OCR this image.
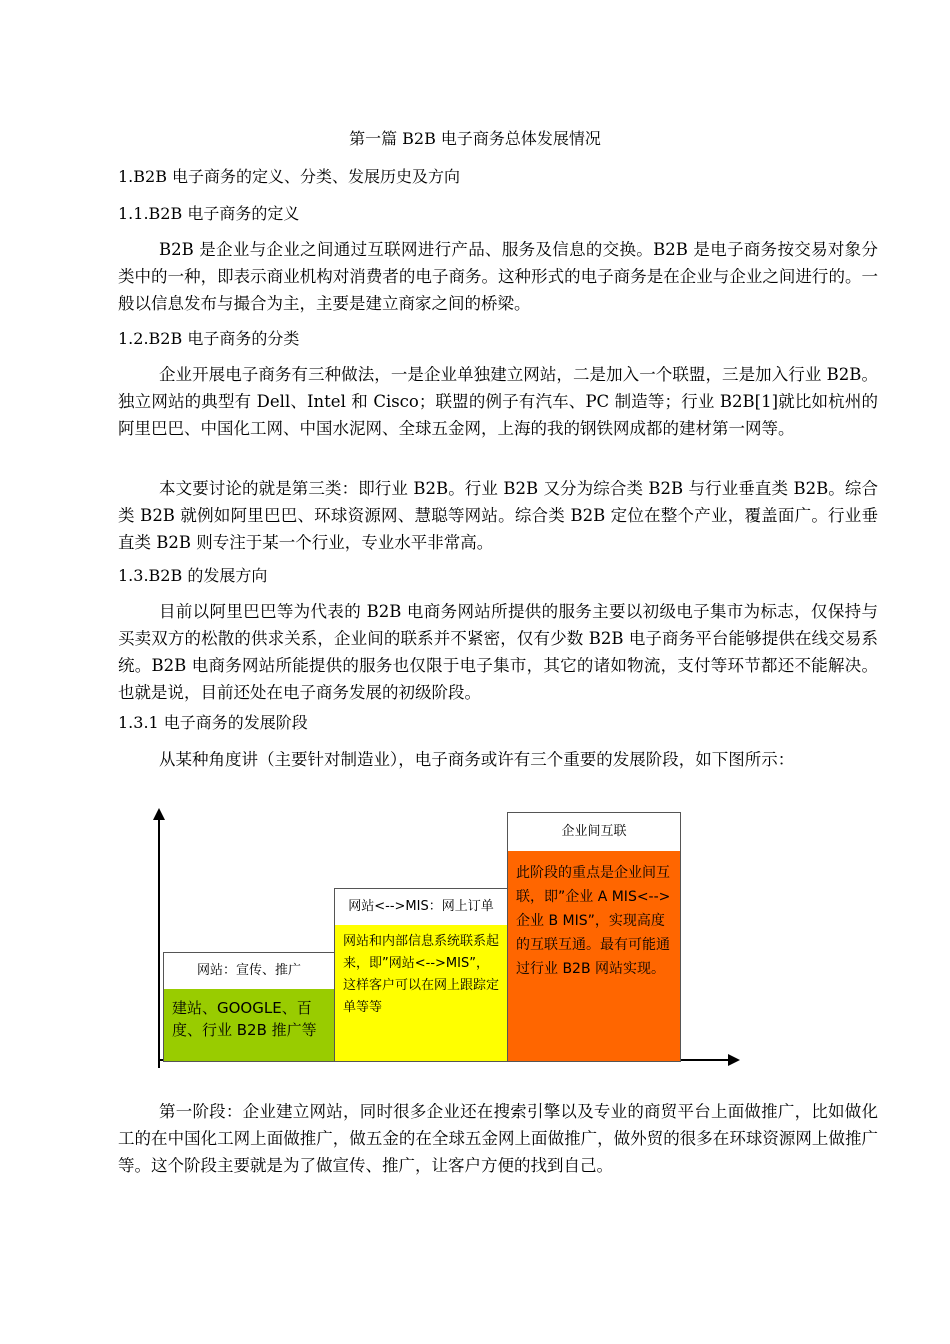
第一篇 B2B 电子商务总体发展情况
1.B2B 电子商务的定义、分类、发展历史及方向
1.1.B2B 电子商务的定义
B2B 是企业与企业之间通过互联网进行产品、服务及信息的交换。B2B 是电子商务按交易对象分类中的一种，即表示商业机构对消费者的电子商务。这种形式的电子商务是在企业与企业之间进行的。一般以信息发布与撮合为主，主要是建立商家之间的桥梁。
1.2.B2B 电子商务的分类
企业开展电子商务有三种做法，一是企业单独建立网站，二是加入一个联盟，三是加入行业 B2B。独立网站的典型有 Dell、Intel 和 Cisco；联盟的例子有汽车、PC 制造等；行业 B2B[1]就比如杭州的阿里巴巴、中国化工网、中国水泥网、全球五金网，上海的我的钢铁网成都的建材第一网等。
本文要讨论的就是第三类：即行业 B2B。行业 B2B 又分为综合类 B2B 与行业垂直类 B2B。综合类 B2B 就例如阿里巴巴、环球资源网、慧聪等网站。综合类 B2B 定位在整个产业，覆盖面广。行业垂直类 B2B 则专注于某一个行业，专业水平非常高。
1.3.B2B 的发展方向
目前以阿里巴巴等为代表的 B2B 电商务网站所提供的服务主要以初级电子集市为标志，仅保持与买卖双方的松散的供求关系，企业间的联系并不紧密，仅有少数 B2B 电子商务平台能够提供在线交易系统。B2B 电商务网站所能提供的服务也仅限于电子集市，其它的诸如物流，支付等环节都还不能解决。也就是说，目前还处在电子商务发展的初级阶段。
1.3.1 电子商务的发展阶段
从某种角度讲（主要针对制造业），电子商务或许有三个重要的发展阶段，如下图所示：
网站：宣传、推广
建站、GOOGLE、百度、行业 B2B 推广等
网站<-->MIS：网上订单
网站和内部信息系统联系起来，即”网站<-->MIS”，这样客户可以在网上跟踪定单等等
企业间互联
此阶段的重点是企业间互联，即”企业 A MIS<-->企业 B MIS”，实现高度的互联互通。最有可能通过行业 B2B 网站实现。
第一阶段：企业建立网站，同时很多企业还在搜索引擎以及专业的商贸平台上面做推广，比如做化工的在中国化工网上面做推广，做五金的在全球五金网上面做推广，做外贸的很多在环球资源网上做推广等。这个阶段主要就是为了做宣传、推广，让客户方便的找到自己。
